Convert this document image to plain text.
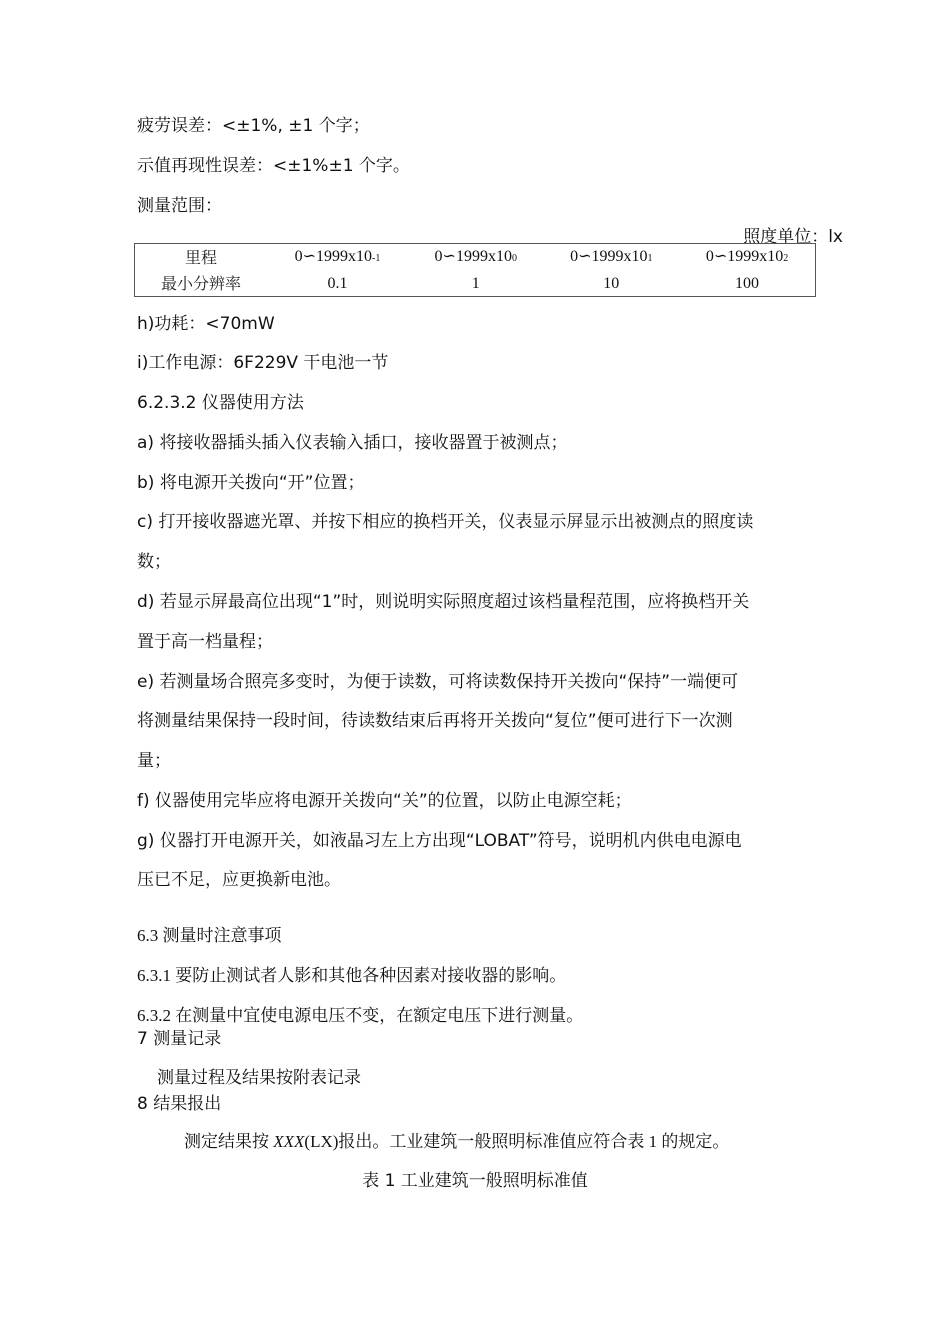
疲劳误差：<±1%, ±1 个字；
示值再现性误差：<±1%±1 个字。
测量范围：
照度单位：lx
里程	0∽1999x10-1	0∽1999x100	0∽1999x101	0∽1999x102
最小分辨率	0.1	1	10	100
h)功耗：<70mW
i)工作电源：6F229V 干电池一节
6.2.3.2 仪器使用方法
a) 将接收器插头插入仪表输入插口，接收器置于被测点；
b) 将电源开关拨向“开”位置；
c) 打开接收器遮光罩、并按下相应的换档开关，仪表显示屏显示出被测点的照度读
数；
d) 若显示屏最高位出现“1”时，则说明实际照度超过该档量程范围，应将换档开关
置于高一档量程；
e) 若测量场合照亮多变时，为便于读数，可将读数保持开关拨向“保持”一端便可
将测量结果保持一段时间，待读数结束后再将开关拨向“复位”便可进行下一次测
量；
f) 仪器使用完毕应将电源开关拨向“关”的位置，以防止电源空耗；
g) 仪器打开电源开关，如液晶习左上方出现“LOBAT”符号，说明机内供电电源电
压已不足，应更换新电池。
6.3 测量时注意事项
6.3.1 要防止测试者人影和其他各种因素对接收器的影响。
6.3.2 在测量中宜使电源电压不变，在额定电压下进行测量。
7 测量记录
测量过程及结果按附表记录
8 结果报出
测定结果按 XXX(LX)报出。工业建筑一般照明标准值应符合表 1 的规定。
表 1 工业建筑一般照明标准值
